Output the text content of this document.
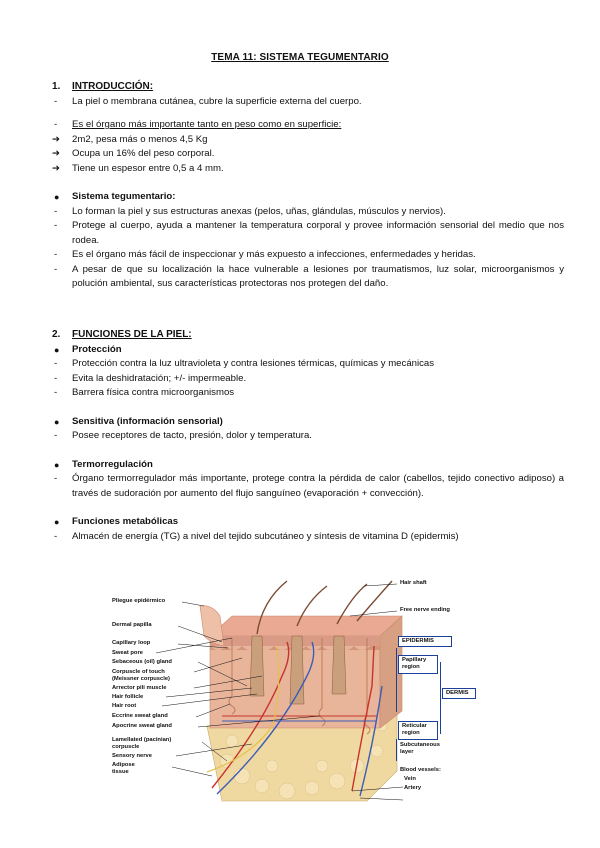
TEMA 11: SISTEMA TEGUMENTARIO
1. INTRODUCCIÓN:
-	La piel o membrana cutánea, cubre la superficie externa del cuerpo.
-	Es el órgano más importante tanto en peso como en superficie:
➔	2m2, pesa más o menos 4,5 Kg
➔	Ocupa un 16% del peso corporal.
➔	Tiene un espesor entre 0,5 a 4 mm.
●	Sistema tegumentario:
-	Lo forman la piel y sus estructuras anexas (pelos, uñas, glándulas, músculos y nervios).
-	Protege al cuerpo, ayuda a mantener la temperatura corporal y provee información sensorial del medio que nos rodea.
-	Es el órgano más fácil de inspeccionar y más expuesto a infecciones, enfermedades y heridas.
-	A pesar de que su localización la hace vulnerable a lesiones por traumatismos, luz solar, microorganismos y polución ambiental, sus características protectoras nos protegen del daño.
2. FUNCIONES DE LA PIEL:
●	Protección
-	Protección contra la luz ultravioleta y contra lesiones térmicas, químicas y mecánicas
-	Evita la deshidratación; +/- impermeable.
-	Barrera física contra microorganismos
●	Sensitiva (información sensorial)
-	Posee receptores de tacto, presión, dolor y temperatura.
●	Termorregulación
-	Órgano termorregulador más importante, protege contra la pérdida de calor (cabellos, tejido conectivo adiposo) a través de sudoración por aumento del flujo sanguíneo (evaporación + convección).
●	Funciones metabólicas
-	Almacén de energía (TG) a nivel del tejido subcutáneo y síntesis de vitamina D (epidermis)
Pliegue epidérmico
Dermal papilla
Capillary loop
Sweat pore
Sebaceous (oil) gland
Corpuscle of touch
(Meissner corpuscle)
Arrector pili muscle
Hair follicle
Hair root
Eccrine sweat gland
Apocrine sweat gland
Lamellated (pacinian)
corpuscle
Sensory nerve
Adipose
tissue
Hair shaft
Free nerve ending
EPIDERMIS
Papillary
region
DERMIS
Reticular
region
Subcutaneous
layer
Blood vessels:
Vein
Artery
